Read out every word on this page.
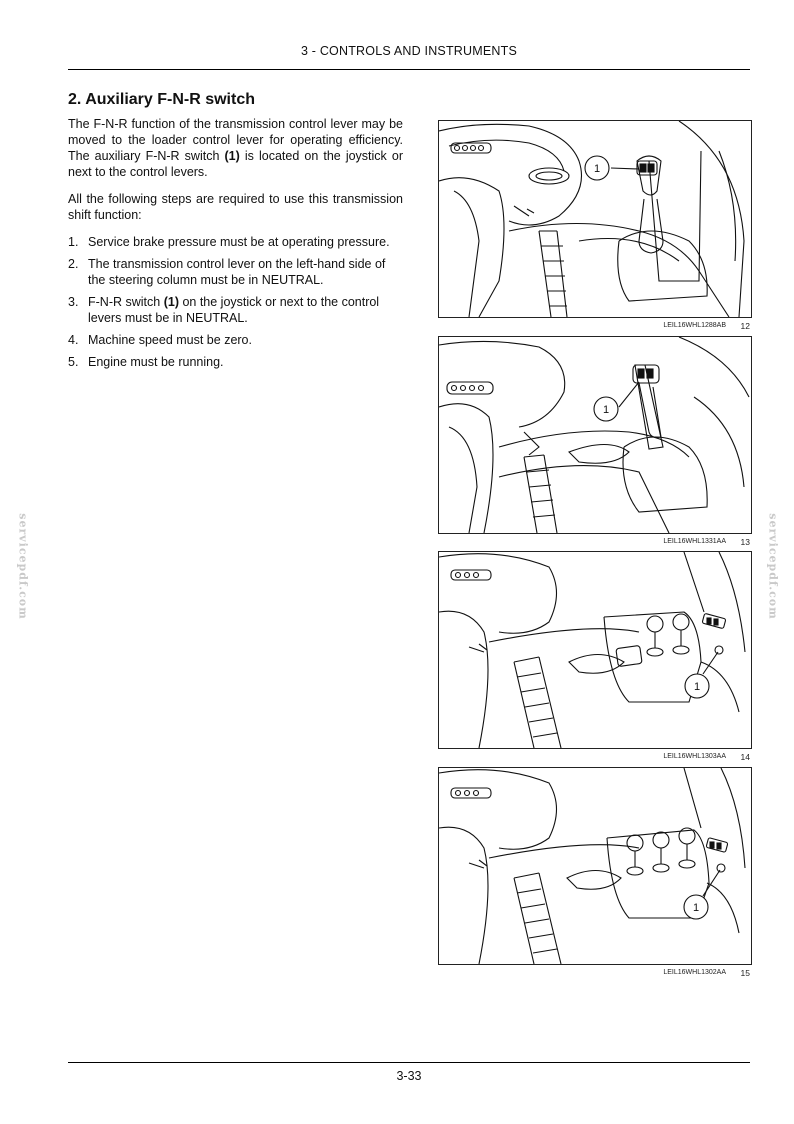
3 - CONTROLS AND INSTRUMENTS
2. Auxiliary F-N-R switch
The F-N-R function of the transmission control lever may be moved to the loader control lever for operating efficiency. The auxiliary F-N-R switch (1) is located on the joystick or next to the control levers.
All the following steps are required to use this transmission shift function:
1. Service brake pressure must be at operating pressure.
2. The transmission control lever on the left-hand side of the steering column must be in NEUTRAL.
3. F-N-R switch (1) on the joystick or next to the control levers must be in NEUTRAL.
4. Machine speed must be zero.
5. Engine must be running.
1
LEIL16WHL1288AB 12
1
LEIL16WHL1331AA 13
1
LEIL16WHL1303AA 14
1
LEIL16WHL1302AA 15
servicepdf.com	servicepdf.com
3-33
